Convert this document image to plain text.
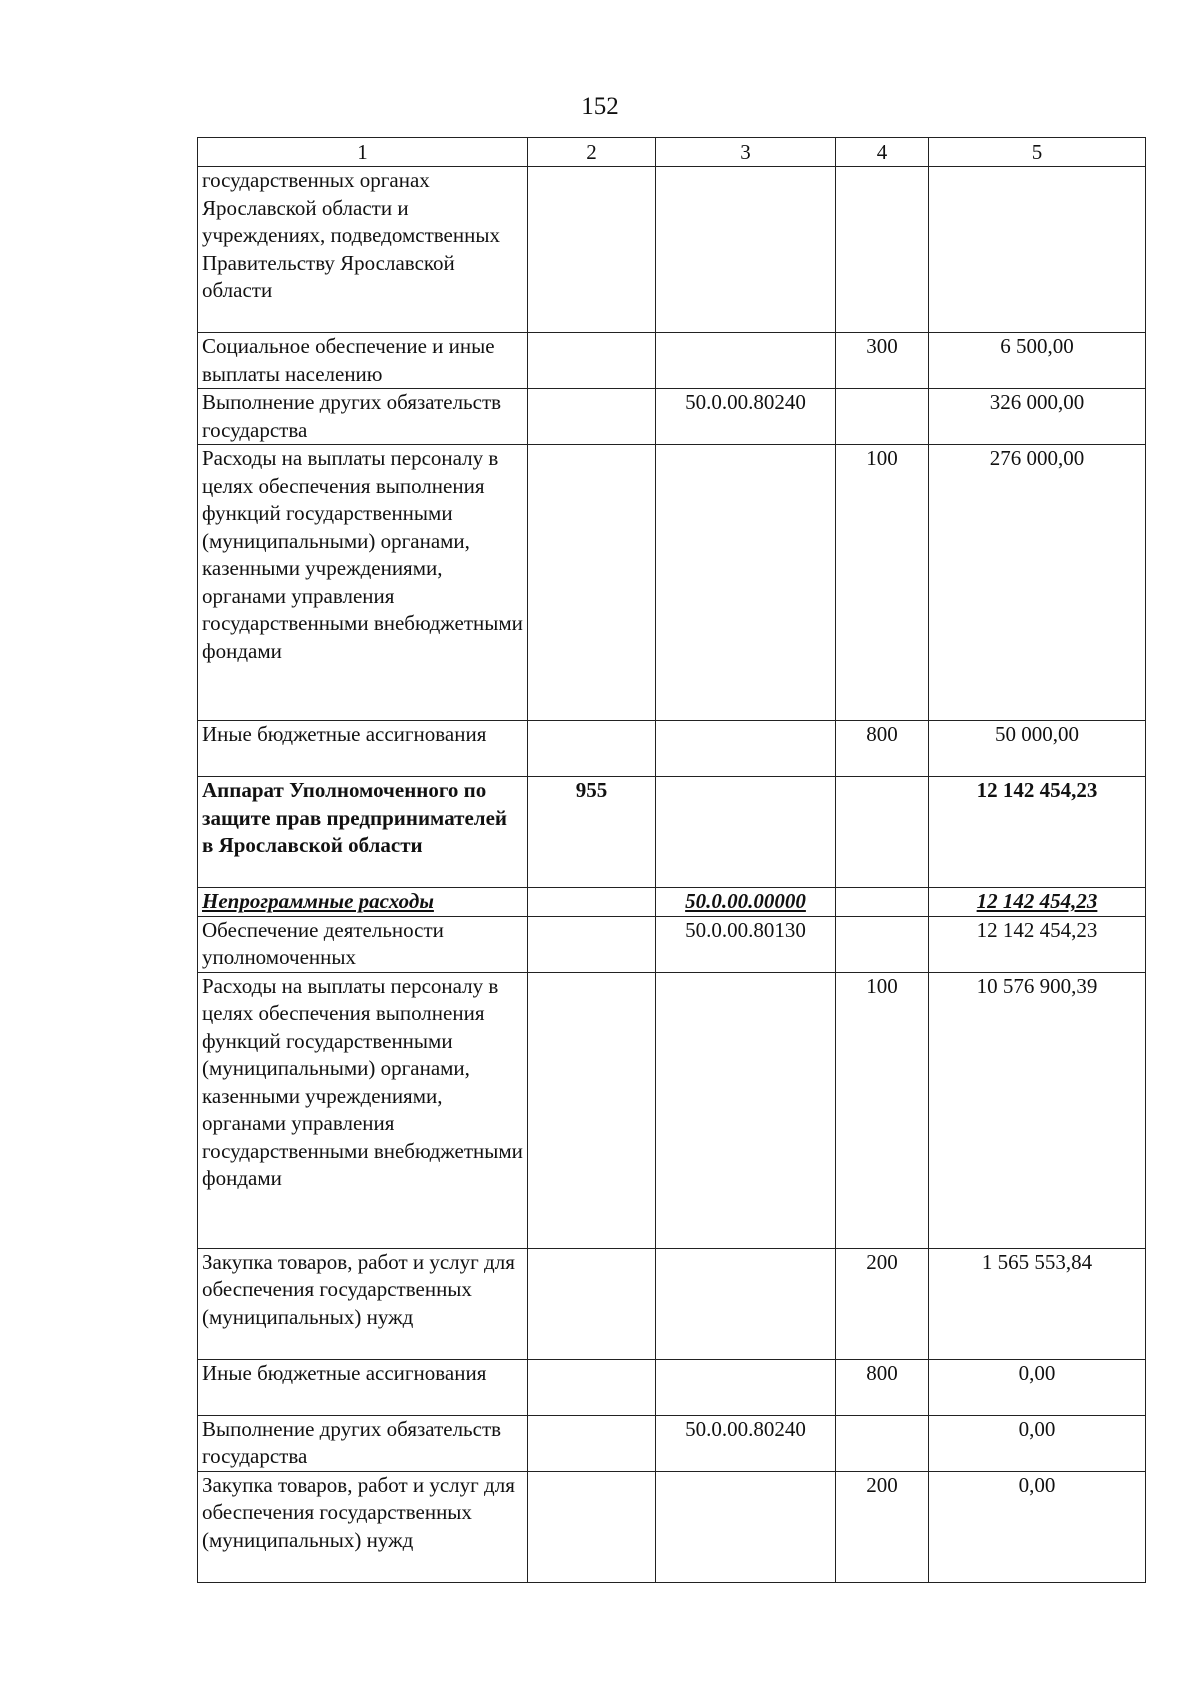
152
1	2	3	4	5
государственных органах Ярославской области и учреждениях, подведомственных Правительству Ярославской области				
Социальное обеспечение и иные выплаты населению			300	6 500,00
Выполнение других обязательств государства		50.0.00.80240		326 000,00
Расходы на выплаты персоналу в целях обеспечения выполнения функций государственными (муниципальными) органами, казенными учреждениями, органами управления государственными внебюджетными фондами			100	276 000,00
Иные бюджетные ассигнования			800	50 000,00
Аппарат Уполномоченного по защите прав предпринимателей в Ярославской области	955			12 142 454,23
Непрограммные расходы		50.0.00.00000		12 142 454,23
Обеспечение деятельности уполномоченных		50.0.00.80130		12 142 454,23
Расходы на выплаты персоналу в целях обеспечения выполнения функций государственными (муниципальными) органами, казенными учреждениями, органами управления государственными внебюджетными фондами			100	10 576 900,39
Закупка товаров, работ и услуг для обеспечения государственных (муниципальных) нужд			200	1 565 553,84
Иные бюджетные ассигнования			800	0,00
Выполнение других обязательств государства		50.0.00.80240		0,00
Закупка товаров, работ и услуг для обеспечения государственных (муниципальных) нужд			200	0,00
